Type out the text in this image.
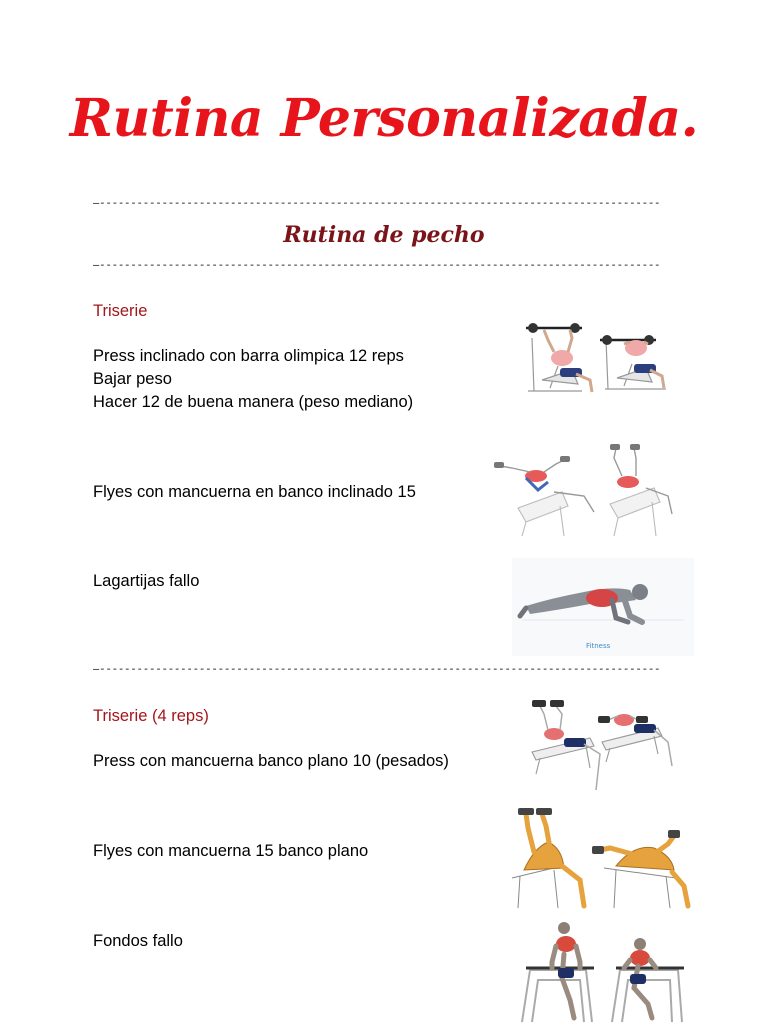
Rutina Personalizada.
—------------------------------------------------------------------------------------------
Rutina de pecho
—------------------------------------------------------------------------------------------
Triserie
Press inclinado con barra olimpica 12 reps
Bajar peso
Hacer 12 de buena manera (peso mediano)
Flyes con mancuerna en banco inclinado 15
Lagartijas fallo
Triserie (4 reps)
Press con mancuerna banco plano 10 (pesados)
Flyes con mancuerna 15 banco plano
Fondos fallo
Fitness
—------------------------------------------------------------------------------------------
